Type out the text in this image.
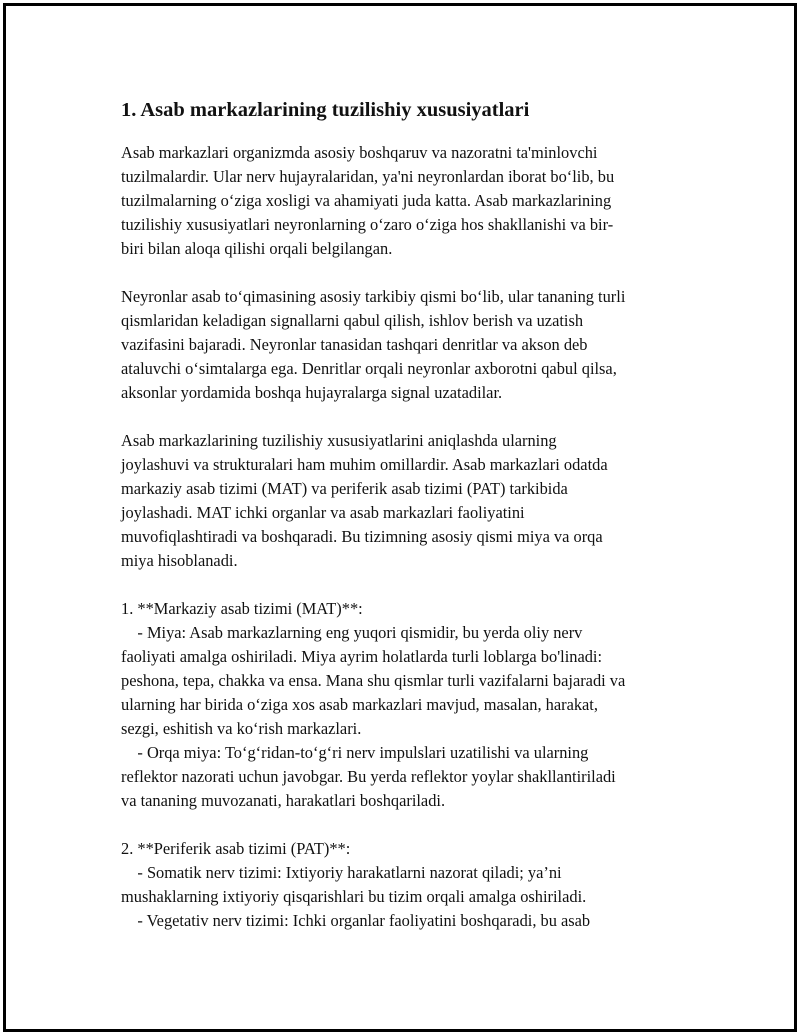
1. Asab markazlarining tuzilishiy xususiyatlari

Asab markazlari organizmda asosiy boshqaruv va nazoratni ta'minlovchi
tuzilmalardir. Ular nerv hujayralaridan, ya'ni neyronlardan iborat bo‘lib, bu
tuzilmalarning o‘ziga xosligi va ahamiyati juda katta. Asab markazlarining
tuzilishiy xususiyatlari neyronlarning o‘zaro o‘ziga hos shakllanishi va bir-
biri bilan aloqa qilishi orqali belgilangan.

Neyronlar asab to‘qimasining asosiy tarkibiy qismi bo‘lib, ular tananing turli
qismlaridan keladigan signallarni qabul qilish, ishlov berish va uzatish
vazifasini bajaradi. Neyronlar tanasidan tashqari denritlar va akson deb
ataluvchi o‘simtalarga ega. Denritlar orqali neyronlar axborotni qabul qilsa,
aksonlar yordamida boshqa hujayralarga signal uzatadilar.

Asab markazlarining tuzilishiy xususiyatlarini aniqlashda ularning
joylashuvi va strukturalari ham muhim omillardir. Asab markazlari odatda
markaziy asab tizimi (MAT) va periferik asab tizimi (PAT) tarkibida
joylashadi. MAT ichki organlar va asab markazlari faoliyatini
muvofiqlashtiradi va boshqaradi. Bu tizimning asosiy qismi miya va orqa
miya hisoblanadi.

1. **Markaziy asab tizimi (MAT)**:
- Miya: Asab markazlarning eng yuqori qismidir, bu yerda oliy nerv
faoliyati amalga oshiriladi. Miya ayrim holatlarda turli loblarga bo'linadi:
peshona, tepa, chakka va ensa. Mana shu qismlar turli vazifalarni bajaradi va
ularning har birida o‘ziga xos asab markazlari mavjud, masalan, harakat,
sezgi, eshitish va ko‘rish markazlari.
- Orqa miya: To‘g‘ridan-to‘g‘ri nerv impulslari uzatilishi va ularning
reflektor nazorati uchun javobgar. Bu yerda reflektor yoylar shakllantiriladi
va tananing muvozanati, harakatlari boshqariladi.

2. **Periferik asab tizimi (PAT)**:
- Somatik nerv tizimi: Ixtiyoriy harakatlarni nazorat qiladi; ya’ni
mushaklarning ixtiyoriy qisqarishlari bu tizim orqali amalga oshiriladi.
- Vegetativ nerv tizimi: Ichki organlar faoliyatini boshqaradi, bu asab
